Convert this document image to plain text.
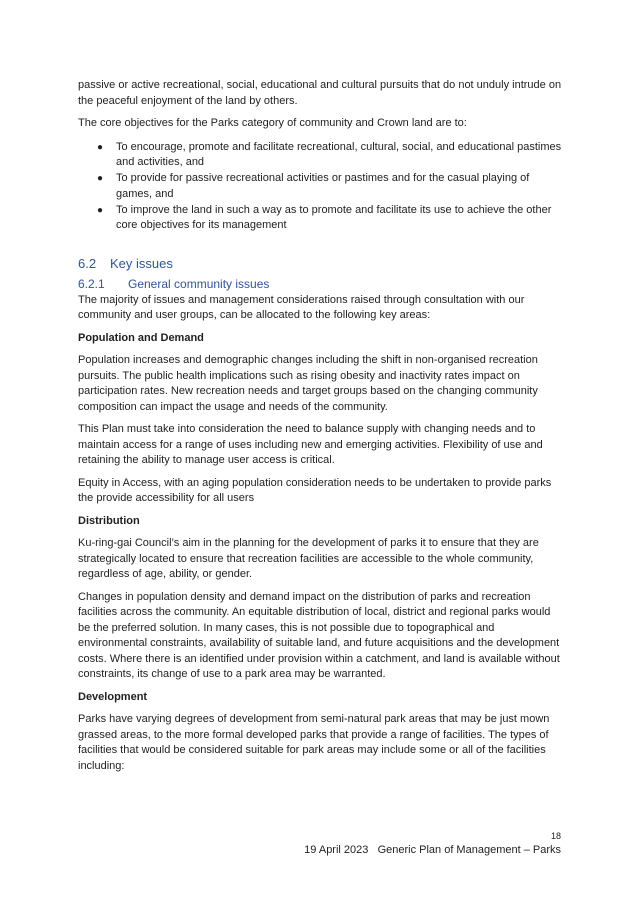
passive or active recreational, social, educational and cultural pursuits that do not unduly intrude on the peaceful enjoyment of the land by others.

The core objectives for the Parks category of community and Crown land are to:

● To encourage, promote and facilitate recreational, cultural, social, and educational pastimes and activities, and
● To provide for passive recreational activities or pastimes and for the casual playing of games, and
● To improve the land in such a way as to promote and facilitate its use to achieve the other core objectives for its management
6.2 Key issues
6.2.1 General community issues

The majority of issues and management considerations raised through consultation with our community and user groups, can be allocated to the following key areas:

Population and Demand

Population increases and demographic changes including the shift in non-organised recreation pursuits. The public health implications such as rising obesity and inactivity rates impact on participation rates. New recreation needs and target groups based on the changing community composition can impact the usage and needs of the community.

This Plan must take into consideration the need to balance supply with changing needs and to maintain access for a range of uses including new and emerging activities. Flexibility of use and retaining the ability to manage user access is critical.

Equity in Access, with an aging population consideration needs to be undertaken to provide parks the provide accessibility for all users

Distribution

Ku-ring-gai Council’s aim in the planning for the development of parks it to ensure that they are strategically located to ensure that recreation facilities are accessible to the whole community, regardless of age, ability, or gender.

Changes in population density and demand impact on the distribution of parks and recreation facilities across the community. An equitable distribution of local, district and regional parks would be the preferred solution. In many cases, this is not possible due to topographical and environmental constraints, availability of suitable land, and future acquisitions and the development costs. Where there is an identified under provision within a catchment, and land is available without constraints, its change of use to a park area may be warranted.

Development

Parks have varying degrees of development from semi-natural park areas that may be just mown grassed areas, to the more formal developed parks that provide a range of facilities. The types of facilities that would be considered suitable for park areas may include some or all of the facilities including:

18
19 April 2023 Generic Plan of Management – Parks
